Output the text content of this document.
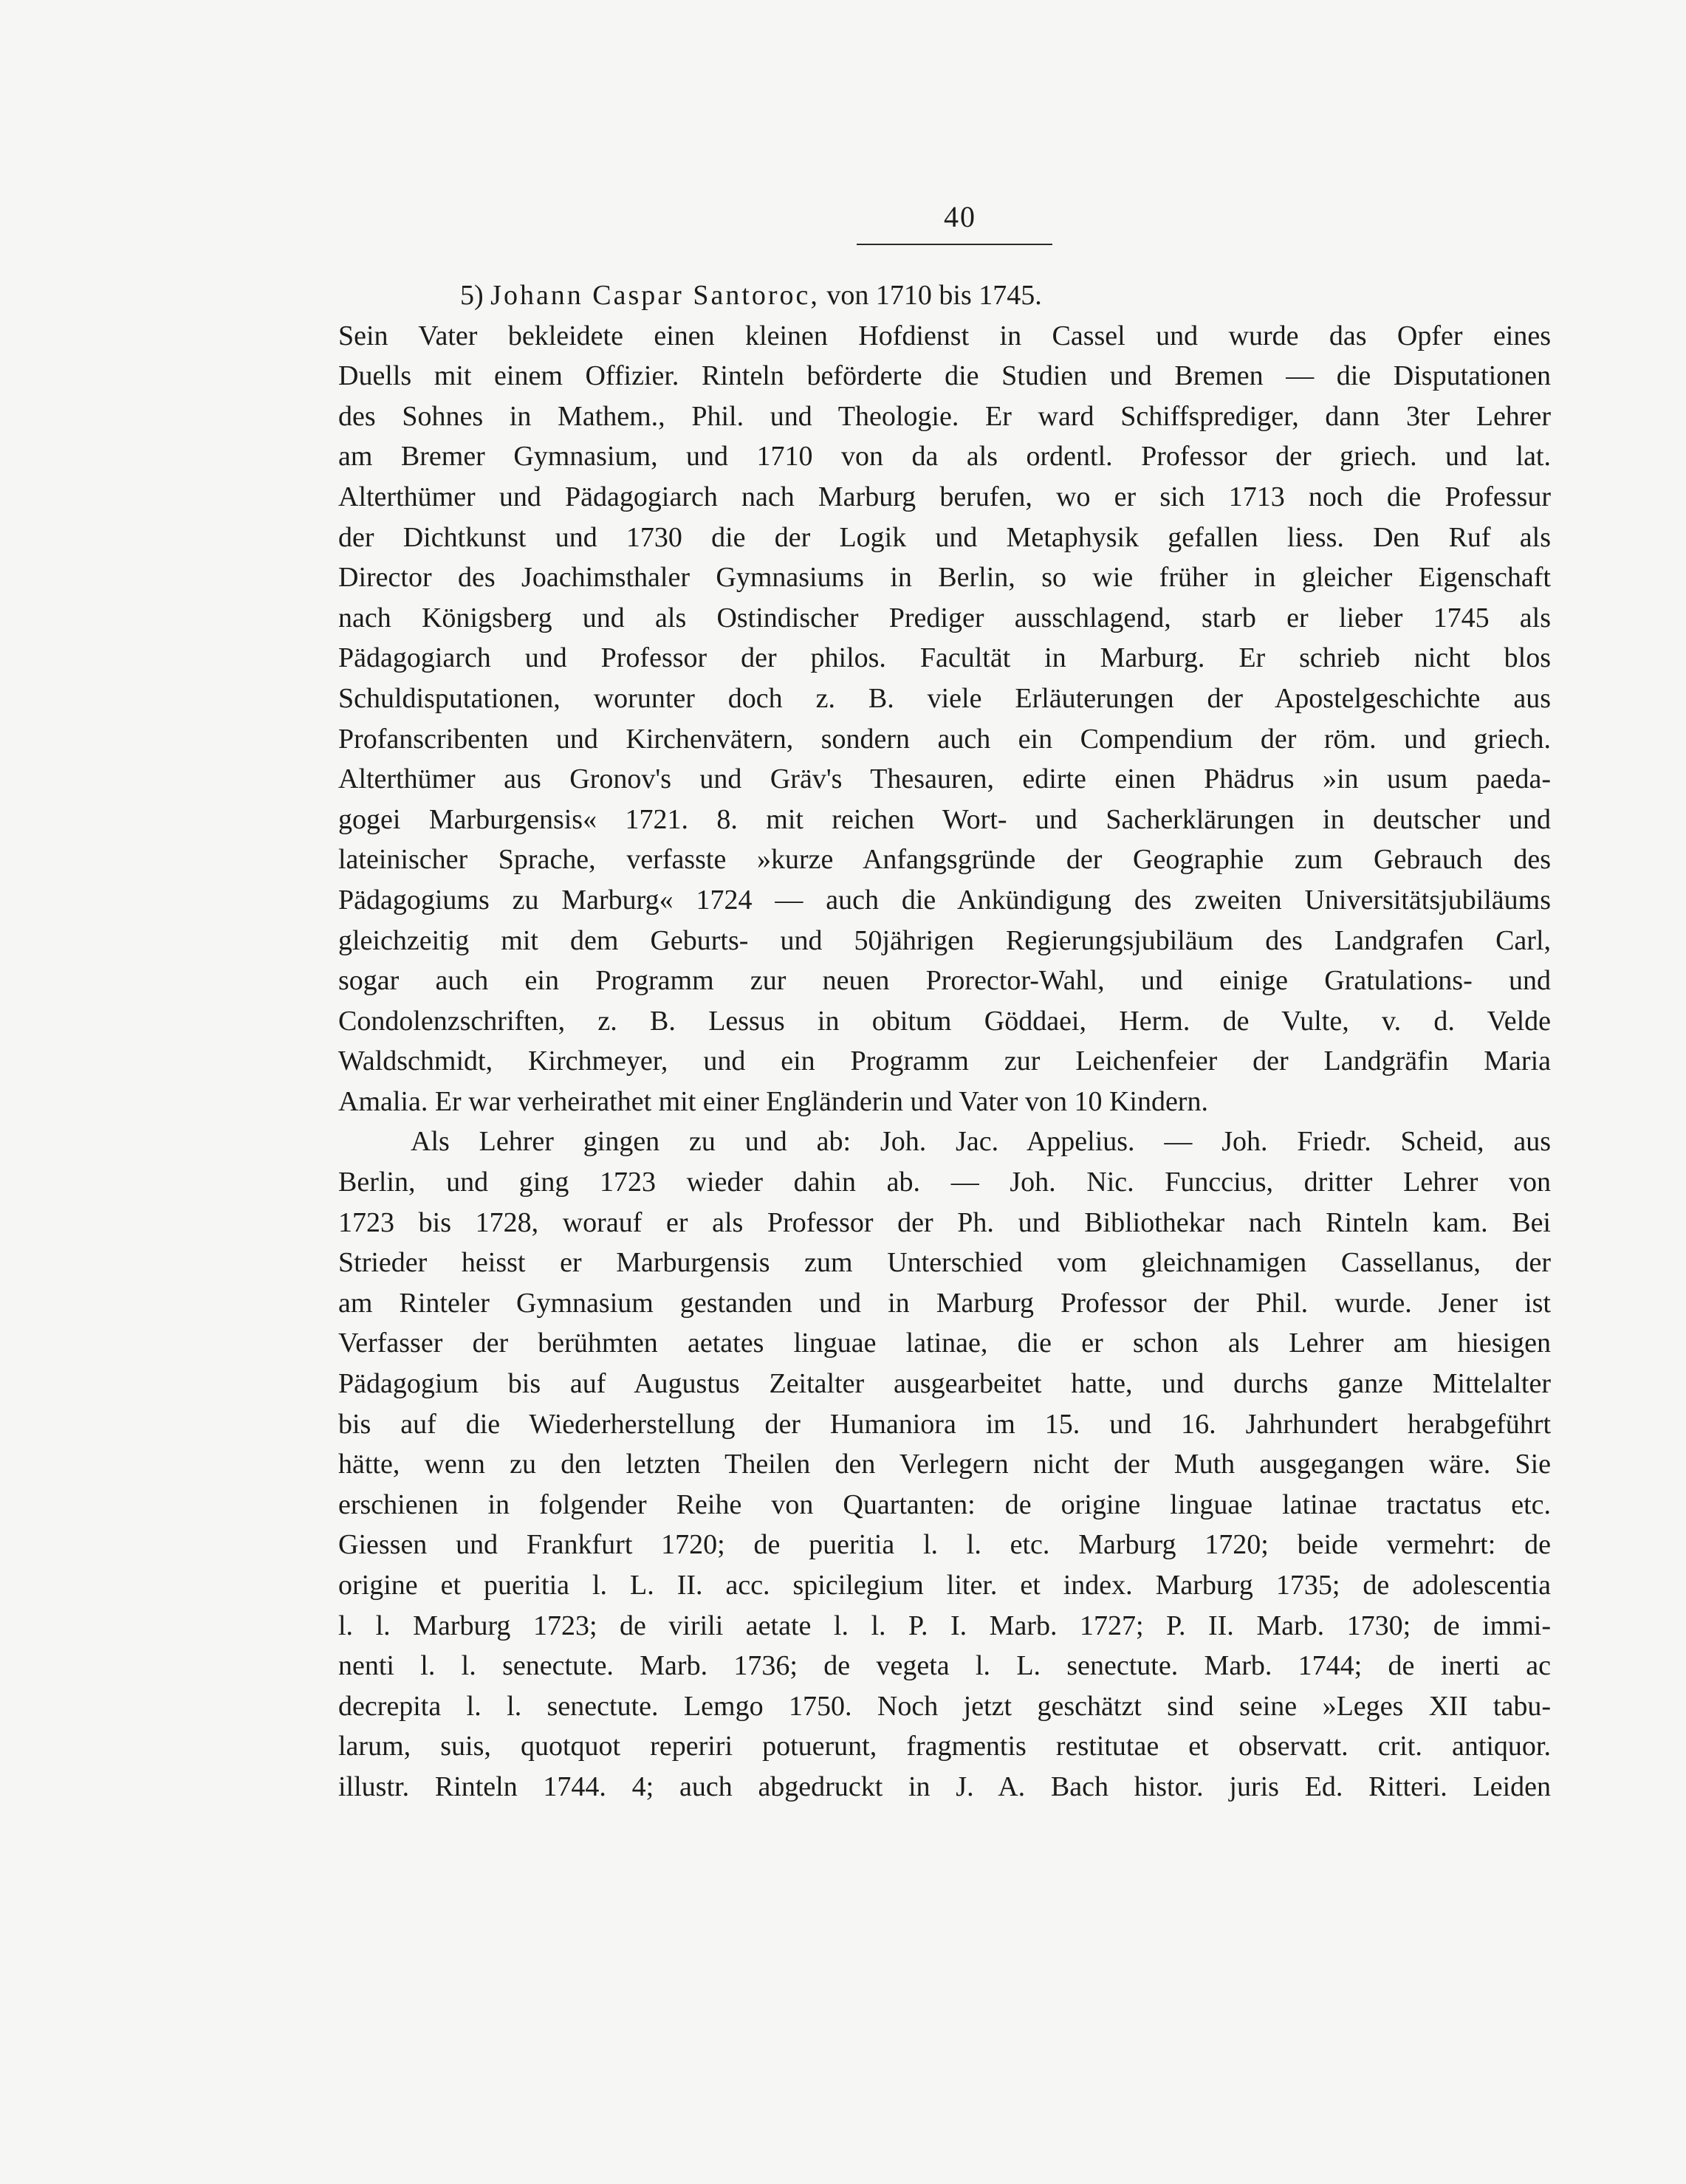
40
5) Johann Caspar Santoroc, von 1710 bis 1745.
Sein Vater bekleidete einen kleinen Hofdienst in Cassel und wurde das Opfer eines
Duells mit einem Offizier. Rinteln beförderte die Studien und Bremen — die Disputationen
des Sohnes in Mathem., Phil. und Theologie. Er ward Schiffsprediger, dann 3ter Lehrer
am Bremer Gymnasium, und 1710 von da als ordentl. Professor der griech. und lat.
Alterthümer und Pädagogiarch nach Marburg berufen, wo er sich 1713 noch die Professur
der Dichtkunst und 1730 die der Logik und Metaphysik gefallen liess. Den Ruf als
Director des Joachimsthaler Gymnasiums in Berlin, so wie früher in gleicher Eigenschaft
nach Königsberg und als Ostindischer Prediger ausschlagend, starb er lieber 1745 als
Pädagogiarch und Professor der philos. Facultät in Marburg. Er schrieb nicht blos
Schuldisputationen, worunter doch z. B. viele Erläuterungen der Apostelgeschichte aus
Profanscribenten und Kirchenvätern, sondern auch ein Compendium der röm. und griech.
Alterthümer aus Gronov's und Gräv's Thesauren, edirte einen Phädrus »in usum paeda-
gogei Marburgensis« 1721. 8. mit reichen Wort- und Sacherklärungen in deutscher und
lateinischer Sprache, verfasste »kurze Anfangsgründe der Geographie zum Gebrauch des
Pädagogiums zu Marburg« 1724 — auch die Ankündigung des zweiten Universitätsjubiläums
gleichzeitig mit dem Geburts- und 50jährigen Regierungsjubiläum des Landgrafen Carl,
sogar auch ein Programm zur neuen Prorector-Wahl, und einige Gratulations- und
Condolenzschriften, z. B. Lessus in obitum Göddaei, Herm. de Vulte, v. d. Velde
Waldschmidt, Kirchmeyer, und ein Programm zur Leichenfeier der Landgräfin Maria
Amalia. Er war verheirathet mit einer Engländerin und Vater von 10 Kindern.
Als Lehrer gingen zu und ab: Joh. Jac. Appelius. — Joh. Friedr. Scheid, aus
Berlin, und ging 1723 wieder dahin ab. — Joh. Nic. Funccius, dritter Lehrer von
1723 bis 1728, worauf er als Professor der Ph. und Bibliothekar nach Rinteln kam. Bei
Strieder heisst er Marburgensis zum Unterschied vom gleichnamigen Cassellanus, der
am Rinteler Gymnasium gestanden und in Marburg Professor der Phil. wurde. Jener ist
Verfasser der berühmten aetates linguae latinae, die er schon als Lehrer am hiesigen
Pädagogium bis auf Augustus Zeitalter ausgearbeitet hatte, und durchs ganze Mittelalter
bis auf die Wiederherstellung der Humaniora im 15. und 16. Jahrhundert herabgeführt
hätte, wenn zu den letzten Theilen den Verlegern nicht der Muth ausgegangen wäre. Sie
erschienen in folgender Reihe von Quartanten: de origine linguae latinae tractatus etc.
Giessen und Frankfurt 1720; de pueritia l. l. etc. Marburg 1720; beide vermehrt: de
origine et pueritia l. L. II. acc. spicilegium liter. et index. Marburg 1735; de adolescentia
l. l. Marburg 1723; de virili aetate l. l. P. I. Marb. 1727; P. II. Marb. 1730; de immi-
nenti l. l. senectute. Marb. 1736; de vegeta l. L. senectute. Marb. 1744; de inerti ac
decrepita l. l. senectute. Lemgo 1750. Noch jetzt geschätzt sind seine »Leges XII tabu-
larum, suis, quotquot reperiri potuerunt, fragmentis restitutae et observatt. crit. antiquor.
illustr. Rinteln 1744. 4; auch abgedruckt in J. A. Bach histor. juris Ed. Ritteri. Leiden
